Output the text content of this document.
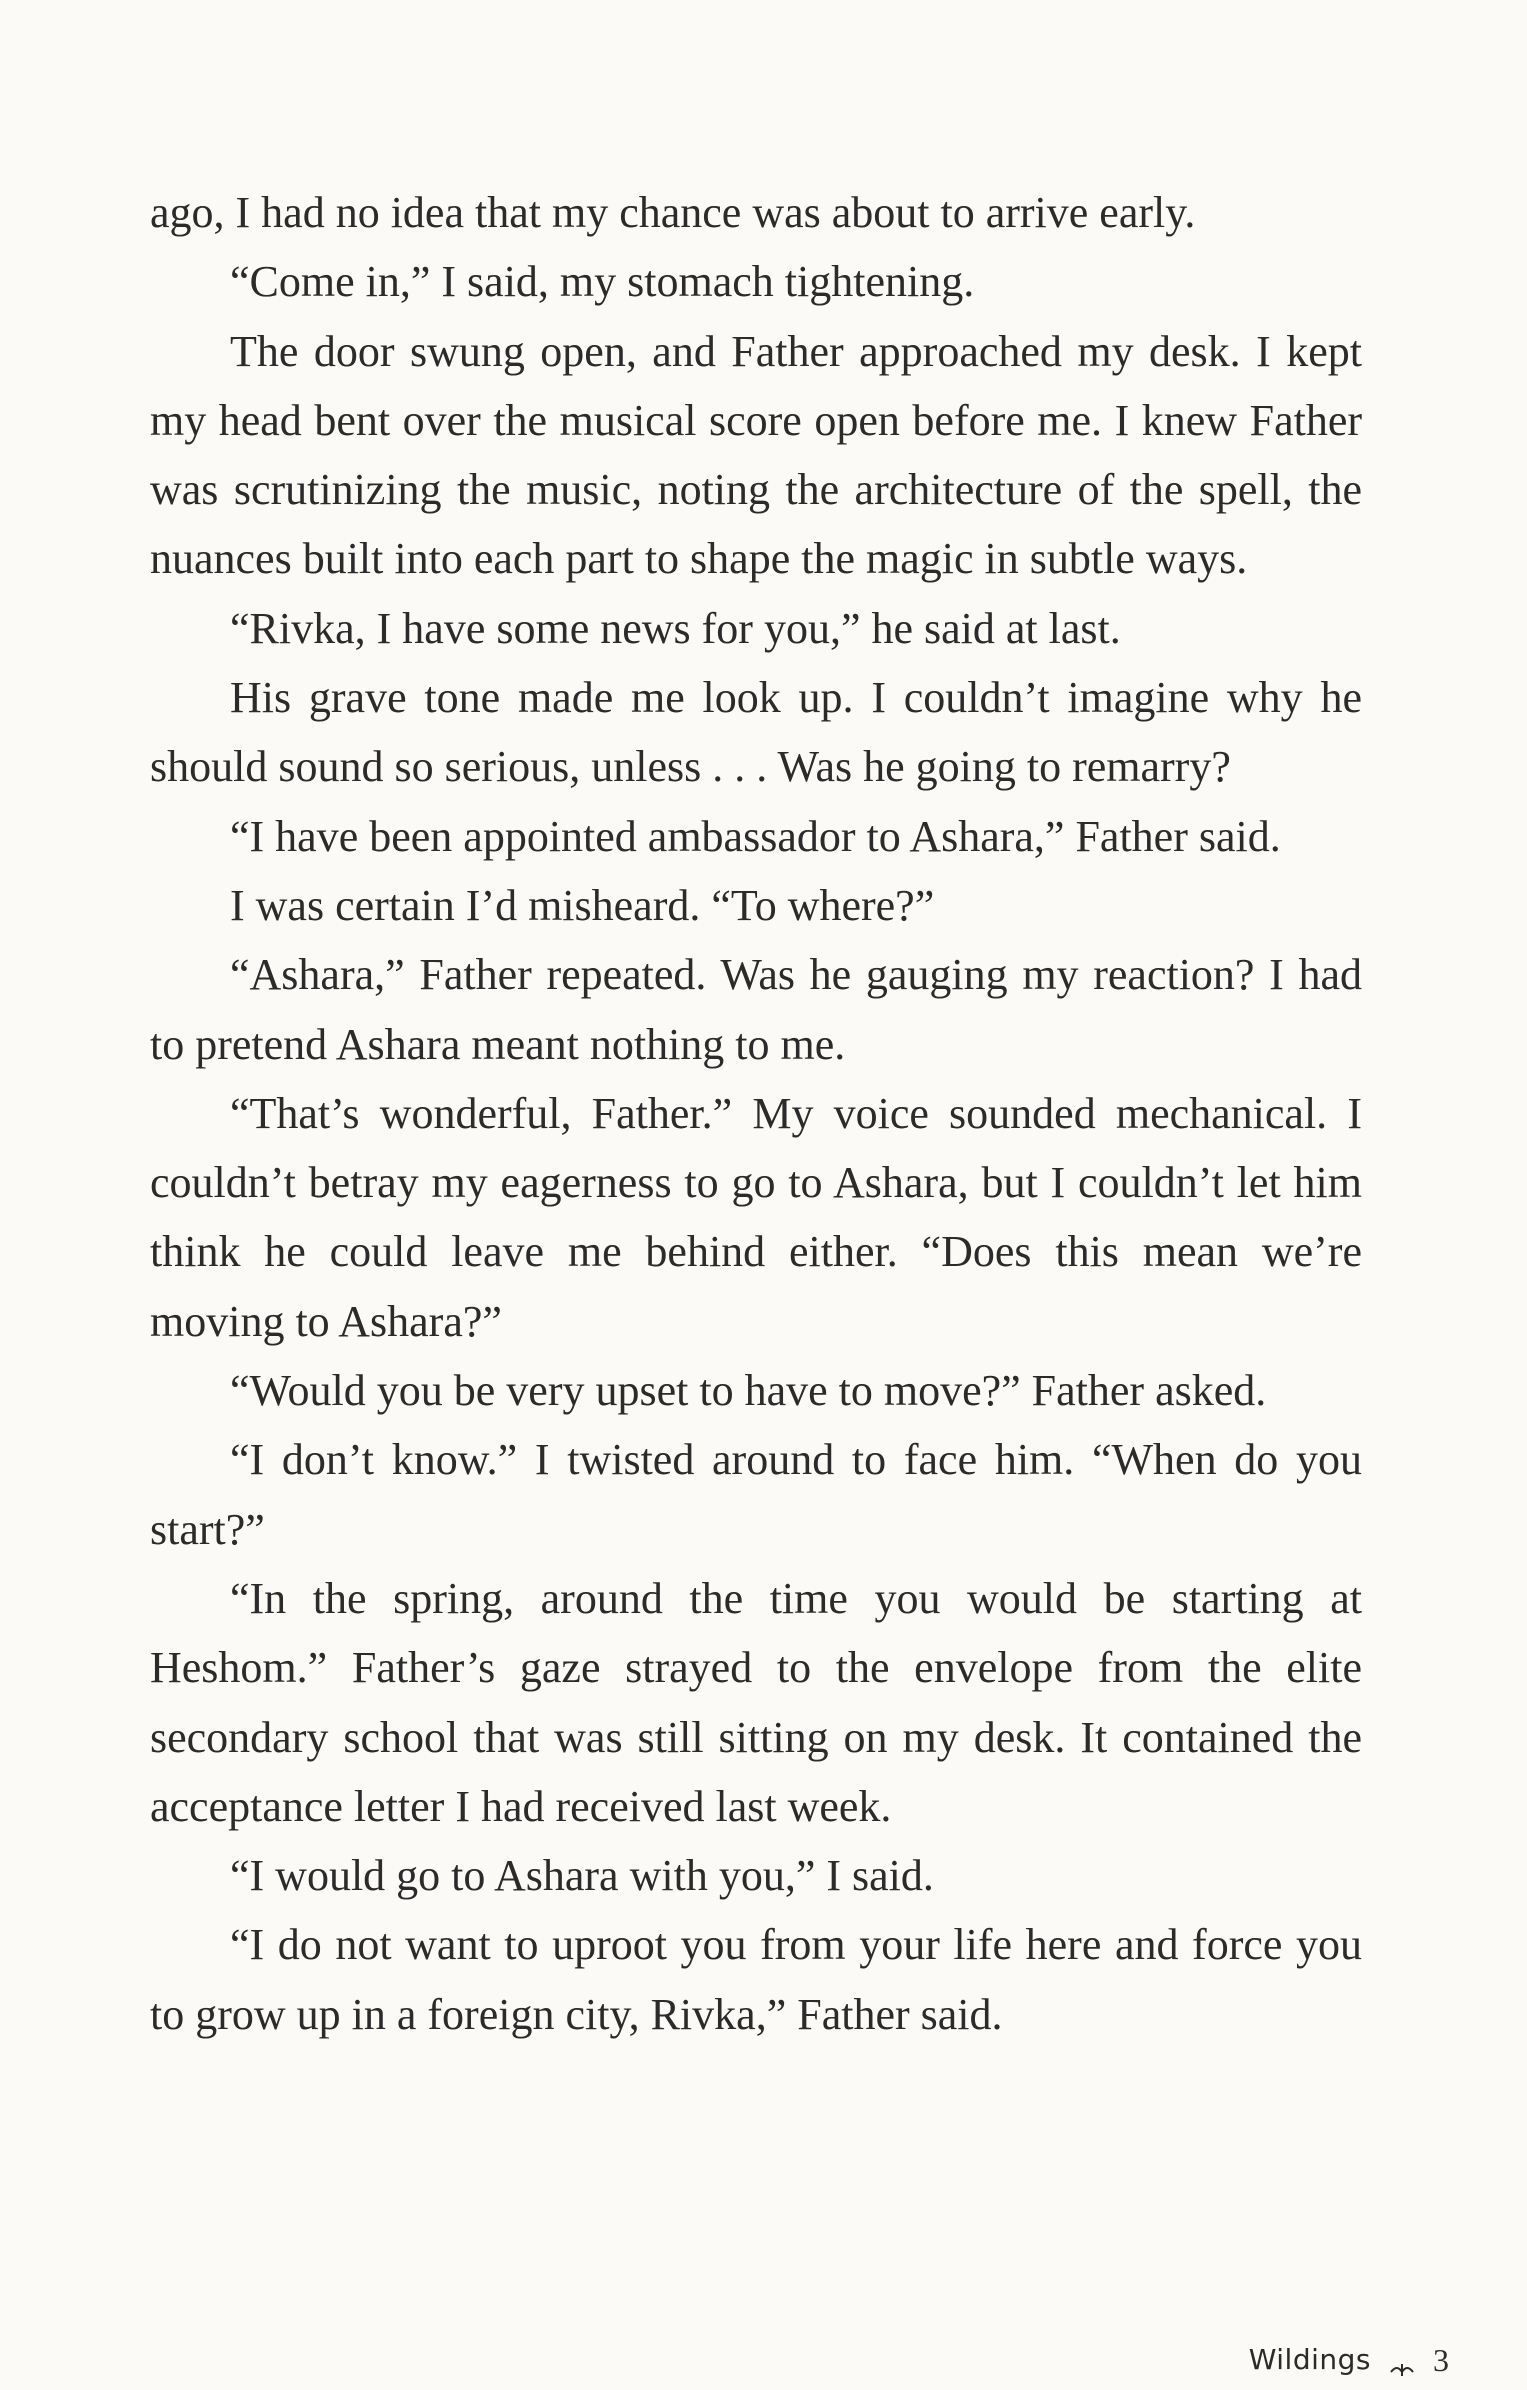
ago, I had no idea that my chance was about to arrive early.

“Come in,” I said, my stomach tightening.

The door swung open, and Father approached my desk. I kept my head bent over the musical score open before me. I knew Father was scrutinizing the music, noting the architecture of the spell, the nuances built into each part to shape the magic in subtle ways.

“Rivka, I have some news for you,” he said at last.

His grave tone made me look up. I couldn’t imagine why he should sound so serious, unless . . . Was he going to remarry?

“I have been appointed ambassador to Ashara,” Father said.

I was certain I’d misheard. “To where?”

“Ashara,” Father repeated. Was he gauging my reaction? I had to pretend Ashara meant nothing to me.

“That’s wonderful, Father.” My voice sounded mechanical. I couldn’t betray my eagerness to go to Ashara, but I couldn’t let him think he could leave me behind either. “Does this mean we’re moving to Ashara?”

“Would you be very upset to have to move?” Father asked.

“I don’t know.” I twisted around to face him. “When do you start?”

“In the spring, around the time you would be starting at Heshom.” Father’s gaze strayed to the envelope from the elite secondary school that was still sitting on my desk. It contained the acceptance letter I had received last week.

“I would go to Ashara with you,” I said.

“I do not want to uproot you from your life here and force you to grow up in a foreign city, Rivka,” Father said.

Wildings 3
